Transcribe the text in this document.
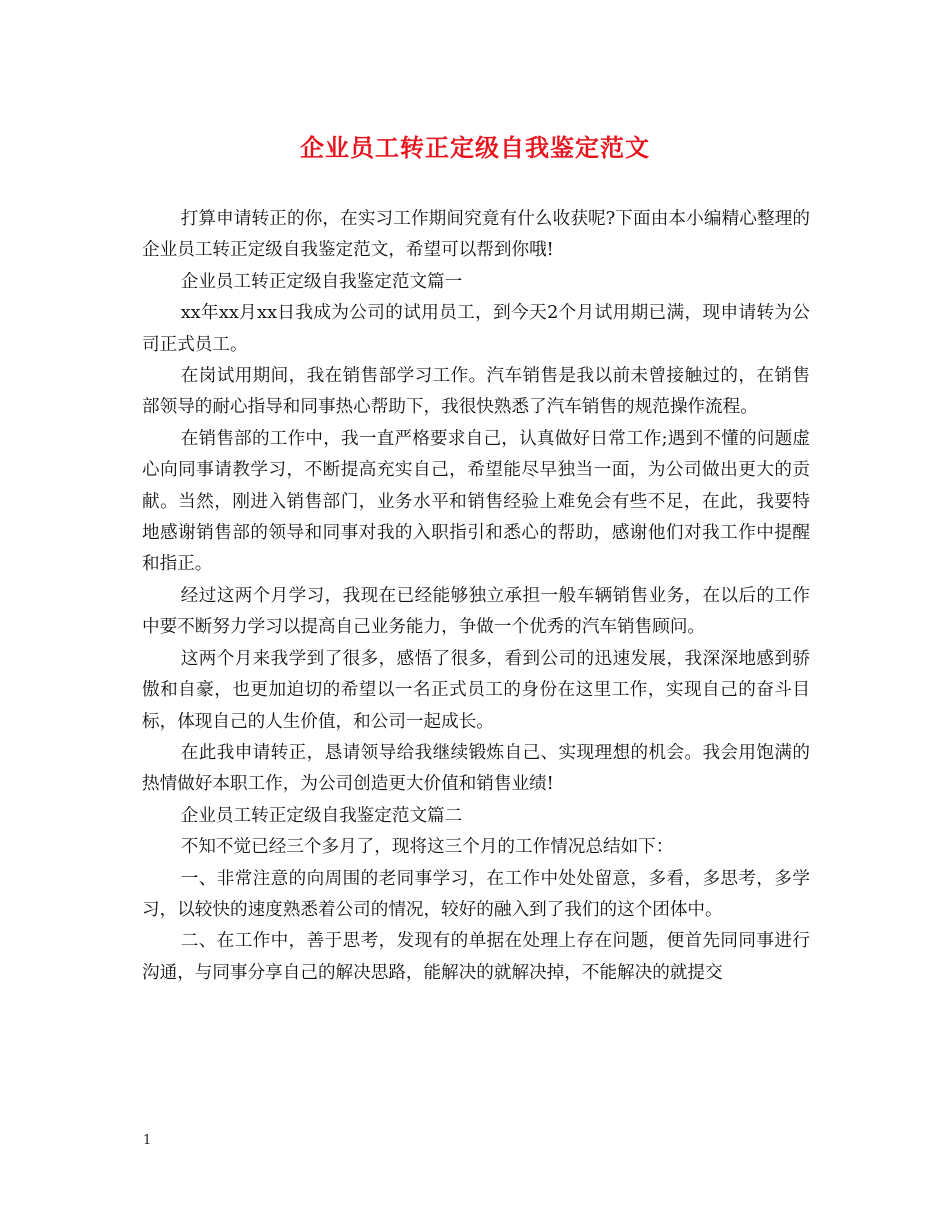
企业员工转正定级自我鉴定范文

打算申请转正的你，在实习工作期间究竟有什么收获呢?下面由本小编精心整理的企业员工转正定级自我鉴定范文，希望可以帮到你哦!

企业员工转正定级自我鉴定范文篇一

xx年xx月xx日我成为公司的试用员工，到今天2个月试用期已满，现申请转为公司正式员工。

在岗试用期间，我在销售部学习工作。汽车销售是我以前未曾接触过的，在销售部领导的耐心指导和同事热心帮助下，我很快熟悉了汽车销售的规范操作流程。

在销售部的工作中，我一直严格要求自己，认真做好日常工作;遇到不懂的问题虚心向同事请教学习，不断提高充实自己，希望能尽早独当一面，为公司做出更大的贡献。当然，刚进入销售部门，业务水平和销售经验上难免会有些不足，在此，我要特地感谢销售部的领导和同事对我的入职指引和悉心的帮助，感谢他们对我工作中提醒和指正。

经过这两个月学习，我现在已经能够独立承担一般车辆销售业务，在以后的工作中要不断努力学习以提高自己业务能力，争做一个优秀的汽车销售顾问。

这两个月来我学到了很多，感悟了很多，看到公司的迅速发展，我深深地感到骄傲和自豪，也更加迫切的希望以一名正式员工的身份在这里工作，实现自己的奋斗目标，体现自己的人生价值，和公司一起成长。

在此我申请转正，恳请领导给我继续锻炼自己、实现理想的机会。我会用饱满的热情做好本职工作，为公司创造更大价值和销售业绩!

企业员工转正定级自我鉴定范文篇二

不知不觉已经三个多月了，现将这三个月的工作情况总结如下：

一、非常注意的向周围的老同事学习，在工作中处处留意，多看，多思考，多学习，以较快的速度熟悉着公司的情况，较好的融入到了我们的这个团体中。

二、在工作中，善于思考，发现有的单据在处理上存在问题，便首先同同事进行沟通，与同事分享自己的解决思路，能解决的就解决掉，不能解决的就提交

1
